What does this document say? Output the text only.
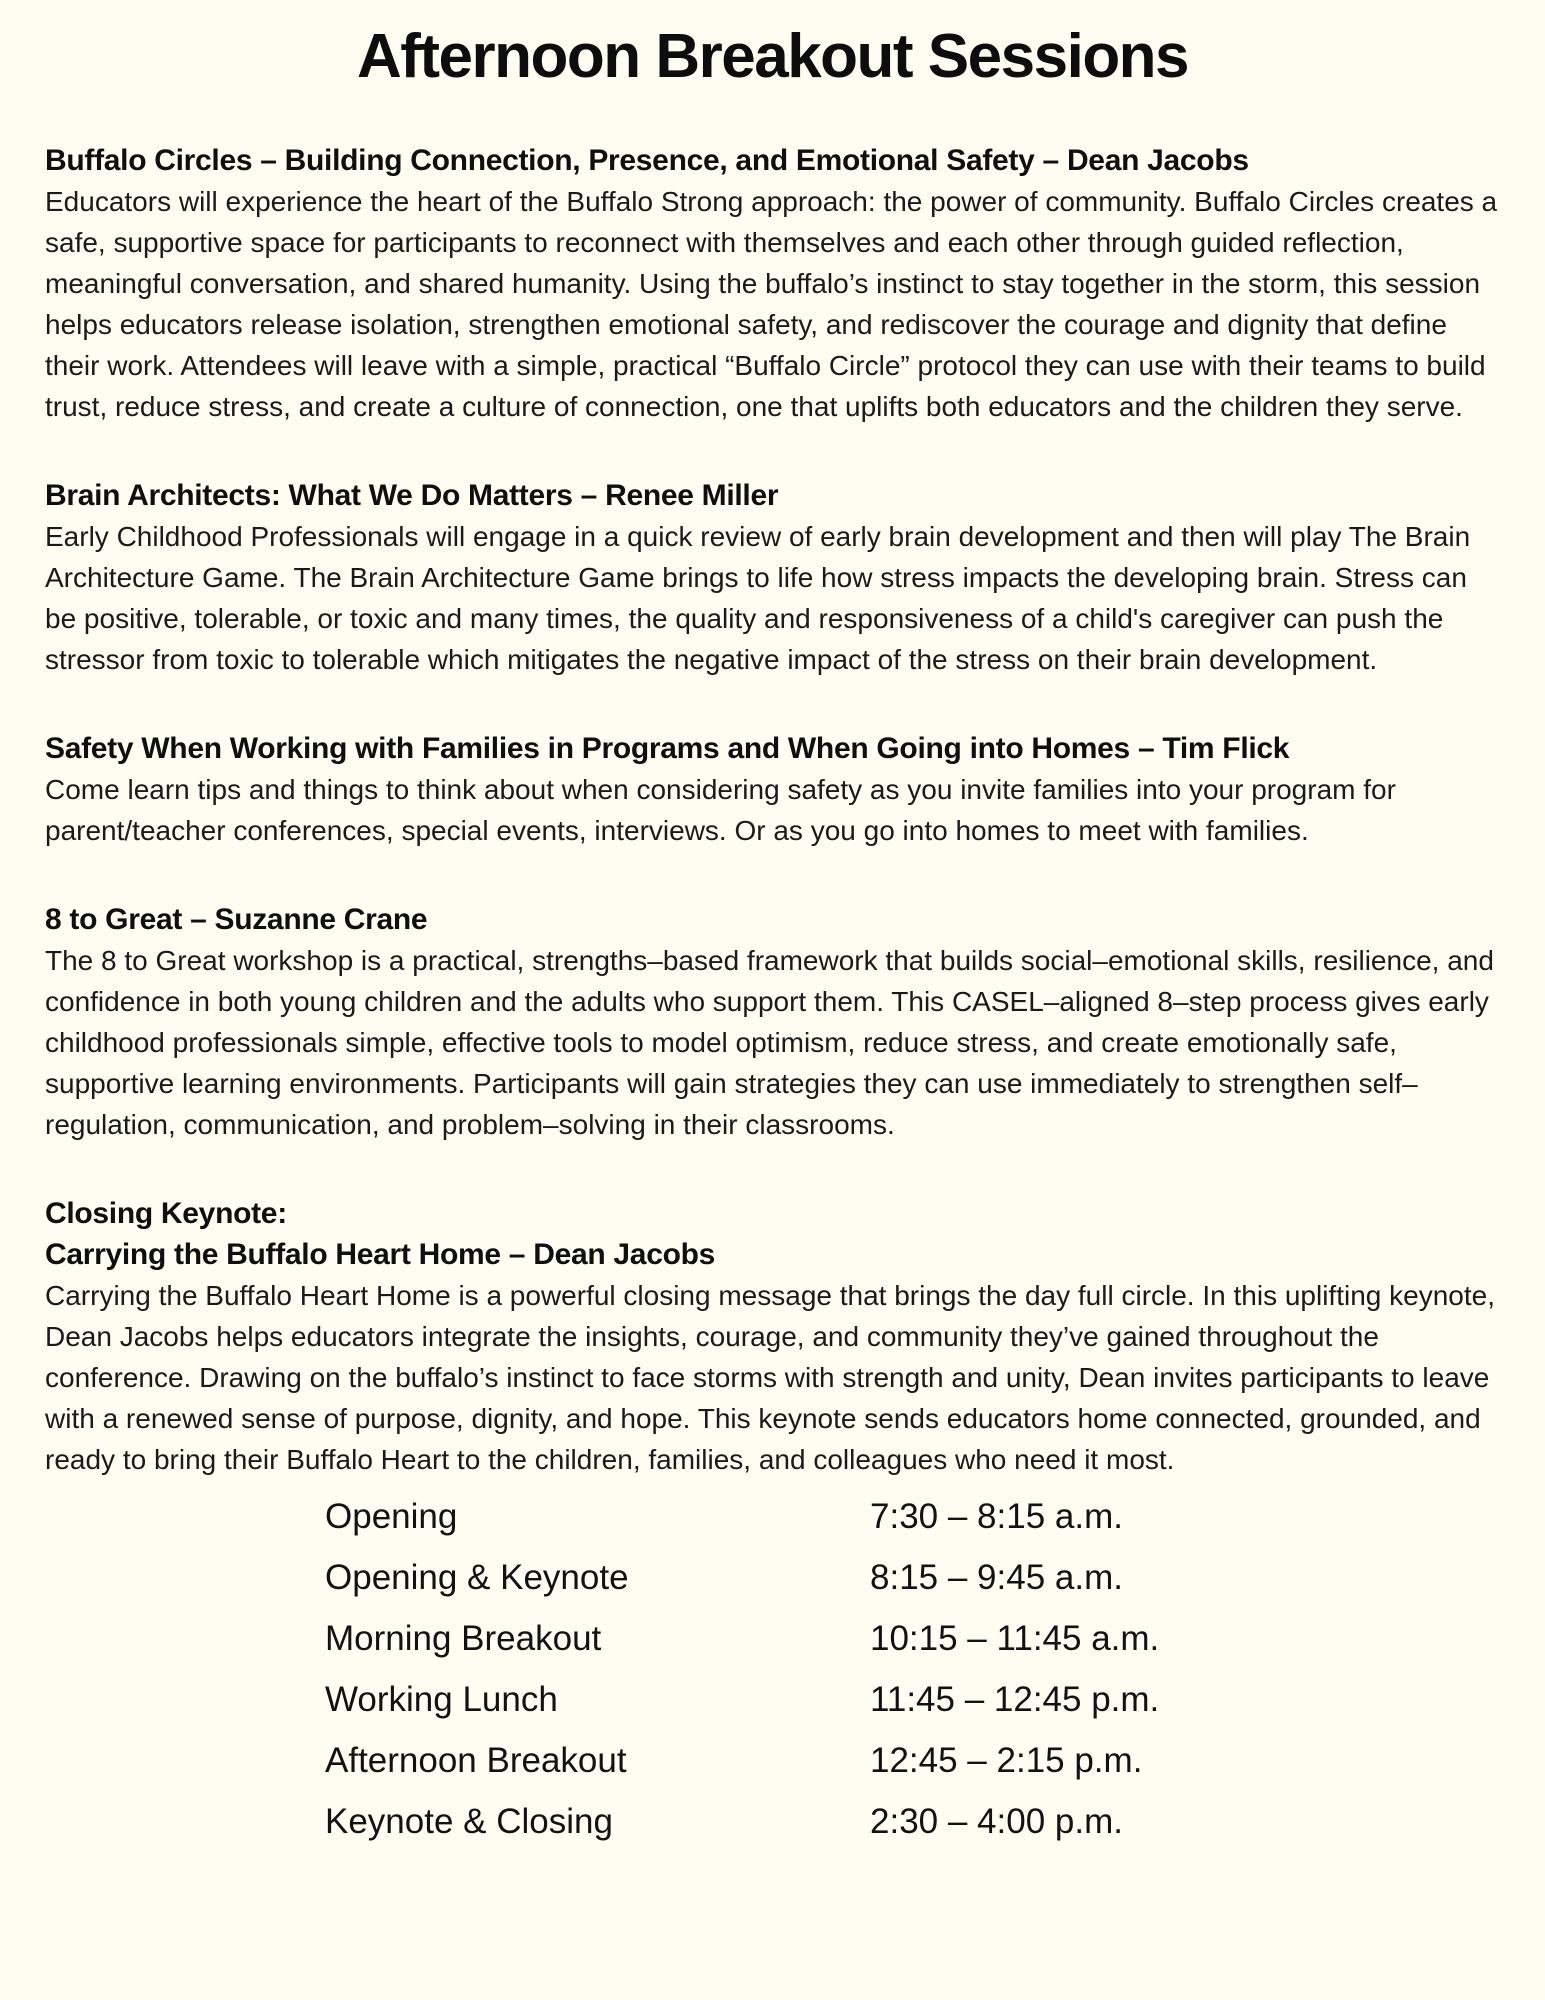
Afternoon Breakout Sessions
Buffalo Circles – Building Connection, Presence, and Emotional Safety – Dean Jacobs

Educators will experience the heart of the Buffalo Strong approach: the power of community. Buffalo Circles creates a safe, supportive space for participants to reconnect with themselves and each other through guided reflection, meaningful conversation, and shared humanity. Using the buffalo’s instinct to stay together in the storm, this session helps educators release isolation, strengthen emotional safety, and rediscover the courage and dignity that define their work. Attendees will leave with a simple, practical “Buffalo Circle” protocol they can use with their teams to build trust, reduce stress, and create a culture of connection, one that uplifts both educators and the children they serve.

Brain Architects: What We Do Matters – Renee Miller

Early Childhood Professionals will engage in a quick review of early brain development and then will play The Brain Architecture Game. The Brain Architecture Game brings to life how stress impacts the developing brain. Stress can be positive, tolerable, or toxic and many times, the quality and responsiveness of a child's caregiver can push the stressor from toxic to tolerable which mitigates the negative impact of the stress on their brain development.

Safety When Working with Families in Programs and When Going into Homes – Tim Flick

Come learn tips and things to think about when considering safety as you invite families into your program for parent/teacher conferences, special events, interviews. Or as you go into homes to meet with families.

8 to Great – Suzanne Crane

The 8 to Great workshop is a practical, strengths–based framework that builds social–emotional skills, resilience, and confidence in both young children and the adults who support them. This CASEL–aligned 8–step process gives early childhood professionals simple, effective tools to model optimism, reduce stress, and create emotionally safe, supportive learning environments. Participants will gain strategies they can use immediately to strengthen self–regulation, communication, and problem–solving in their classrooms.

Closing Keynote:
Carrying the Buffalo Heart Home – Dean Jacobs

Carrying the Buffalo Heart Home is a powerful closing message that brings the day full circle. In this uplifting keynote, Dean Jacobs helps educators integrate the insights, courage, and community they’ve gained throughout the conference. Drawing on the buffalo’s instinct to face storms with strength and unity, Dean invites participants to leave with a renewed sense of purpose, dignity, and hope. This keynote sends educators home connected, grounded, and ready to bring their Buffalo Heart to the children, families, and colleagues who need it most.

Opening	7:30 – 8:15 a.m.
Opening & Keynote	8:15 – 9:45 a.m.
Morning Breakout	10:15 – 11:45 a.m.
Working Lunch	11:45 – 12:45 p.m.
Afternoon Breakout	12:45 – 2:15 p.m.
Keynote & Closing	2:30 – 4:00 p.m.
